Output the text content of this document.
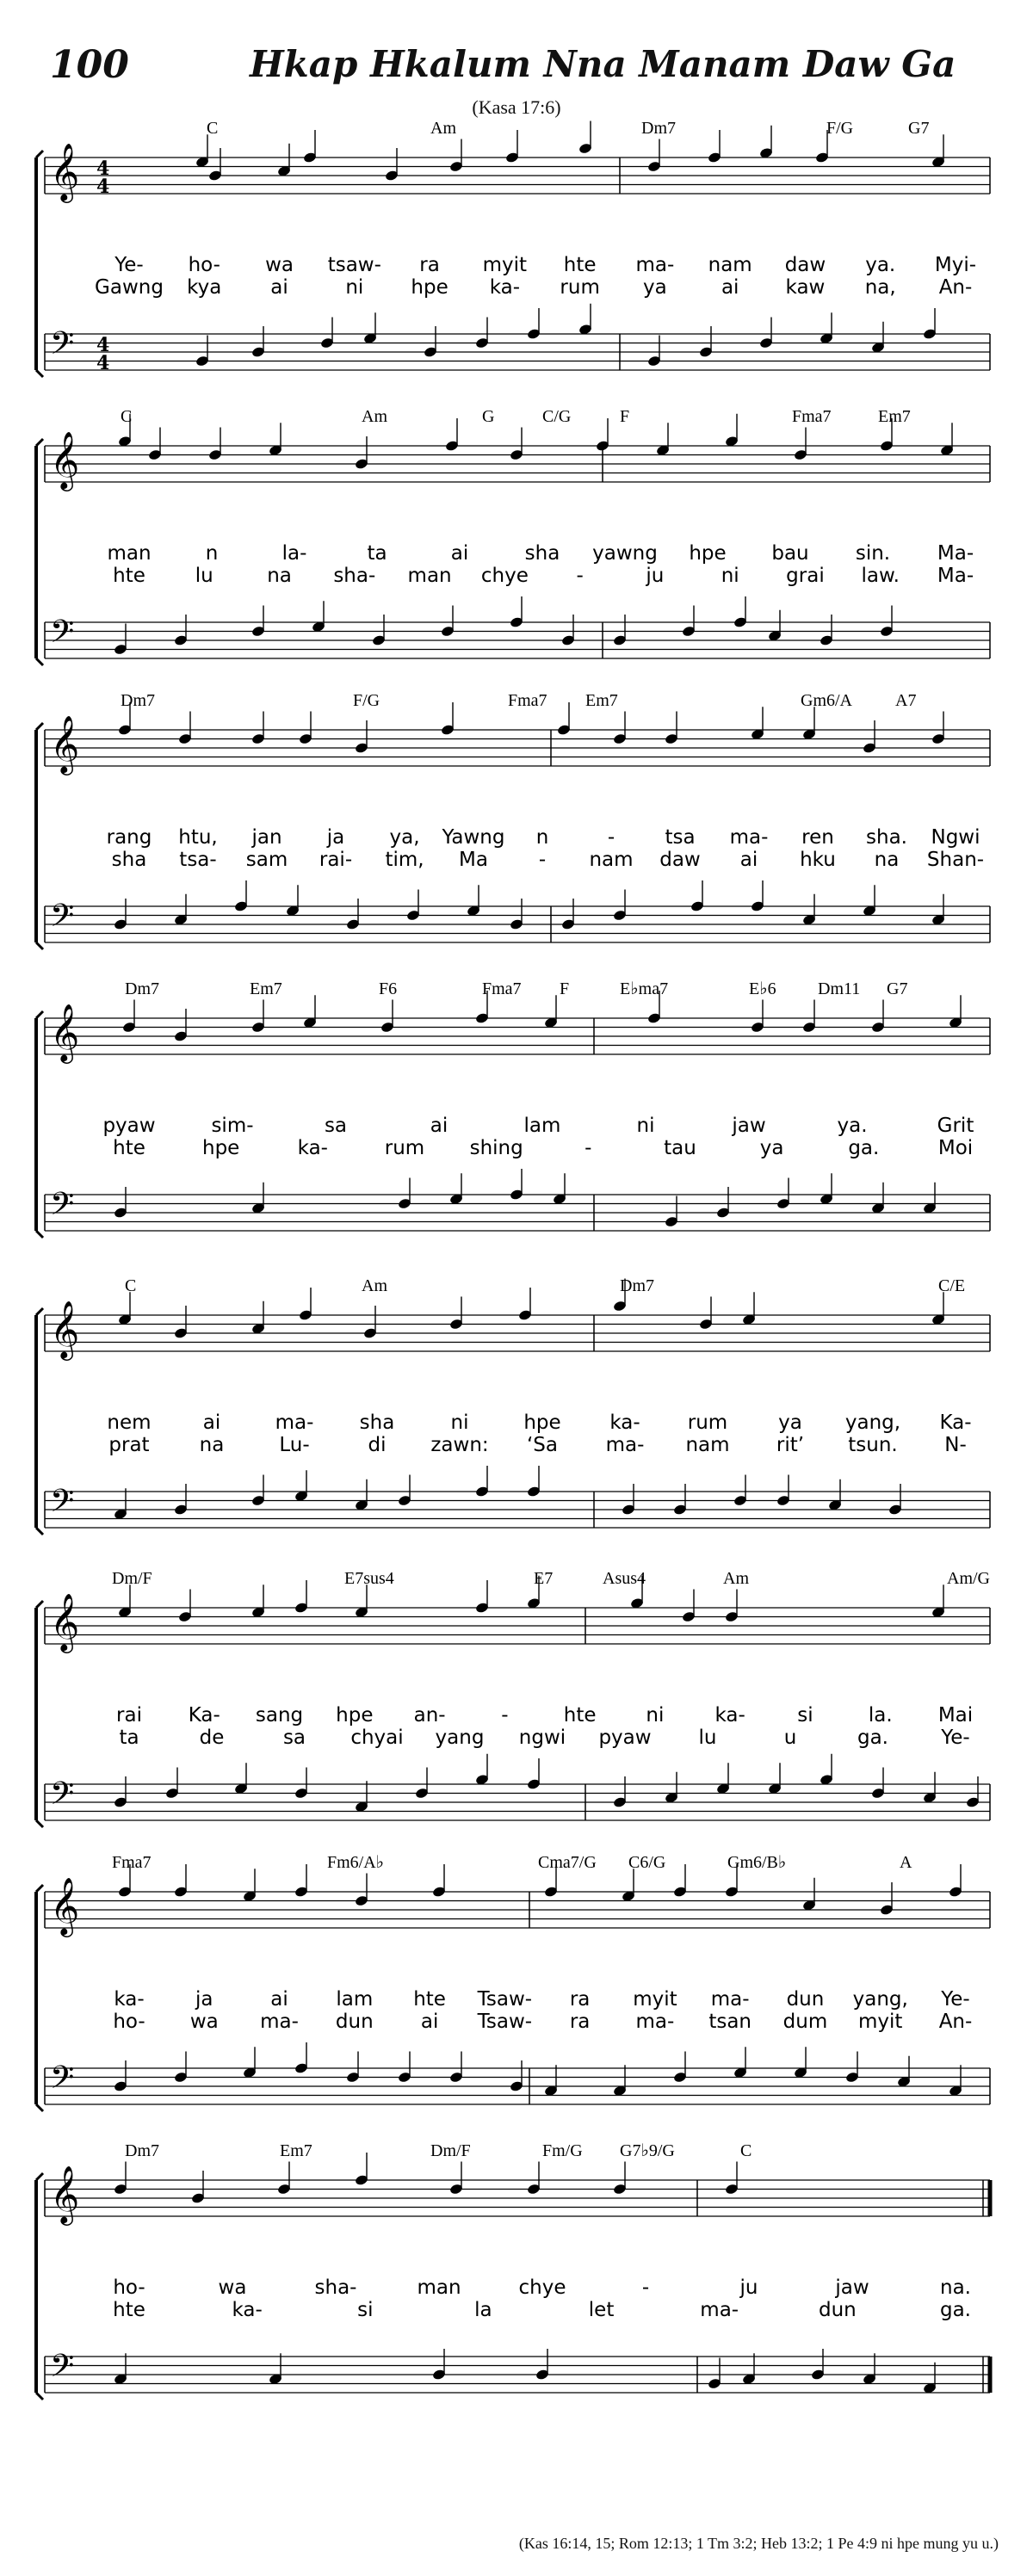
100	Hkap Hkalum Nna Manam Daw Ga
(Kasa 17:6)
𝄞
𝄢
4
4
4
4
C	Am	Dm7	F/G	G7
Ye- ho- wa tsaw- ra myit hte ma- nam daw ya. Myi-
Gawng kya ai	ni hpe ka- rum ya	ai kaw na, An-
𝄞
𝄢
C	Am	G	C/G	F	Fma7	Em7
man	n	la-	ta	ai	sha yawng hpe bau sin. Ma-
hte	lu	na sha- man chye -	ju	ni grai law. Ma-
𝄞
𝄢
Dm7	F/G	Fma7 Em7	Gm6/A	A7
rang htu, jan ja ya, Yawng n	-	tsa ma- ren sha. Ngwi
sha tsa- sam rai- tim, Ma	- nam daw ai hku na Shan-
𝄞
𝄢
Dm7	Em7	F6	Fma7 F	E♭ma7	E♭6 Dm11 G7
pyaw	sim-	sa	ai	lam	ni	jaw	ya.	Grit
hte	hpe	ka-	rum shing	-	tau	ya	ga.	Moi
𝄞
𝄢
C	Am	Dm7	C/E
nem	ai	ma- sha	ni	hpe ka- rum	ya yang, Ka-
prat	na	Lu-	di zawn: ‘Sa ma- nam rit’ tsun. N-
𝄞
𝄢
Dm/F	E7sus4	E7	Asus4	Am	Am/G
rai Ka- sang hpe an-	-	hte	ni	ka-	si	la. Mai
ta	de	sa chyai yang ngwi pyaw lu	u	ga.	Ye-
𝄞
𝄢
Fma7	Fm6/A♭	Cma7/G C6/G	Gm6/B♭	A
ka-	ja	ai lam hte Tsaw- ra myit ma- dun yang, Ye-
ho- wa ma- dun ai Tsaw- ra ma- tsan dum myit An-
𝄞
𝄢
Dm7	Em7	Dm/F	Fm/G G7♭9/G	C
ho-	wa	sha-	man	chye	-	ju	jaw	na.
hte	ka-	si	la	let	ma-	dun	ga.
(Kas 16:14, 15; Rom 12:13; 1 Tm 3:2; Heb 13:2; 1 Pe 4:9 ni hpe mung yu u.)
